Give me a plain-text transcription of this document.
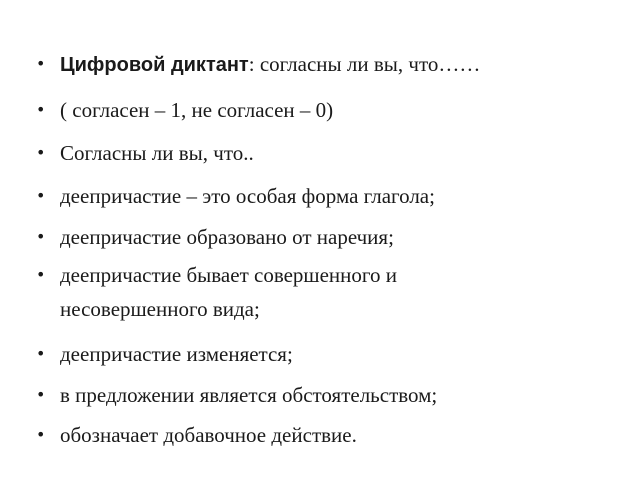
•
Цифровой диктант: согласны ли вы, что……
•
( согласен – 1, не согласен – 0)
•
Согласны ли вы, что..
•
деепричастие – это особая форма глагола;
•
деепричастие образовано от наречия;
•
деепричастие бывает совершенного и несовершенного вида;
•
деепричастие изменяется;
•
в предложении является обстоятельством;
•
обозначает добавочное действие.
